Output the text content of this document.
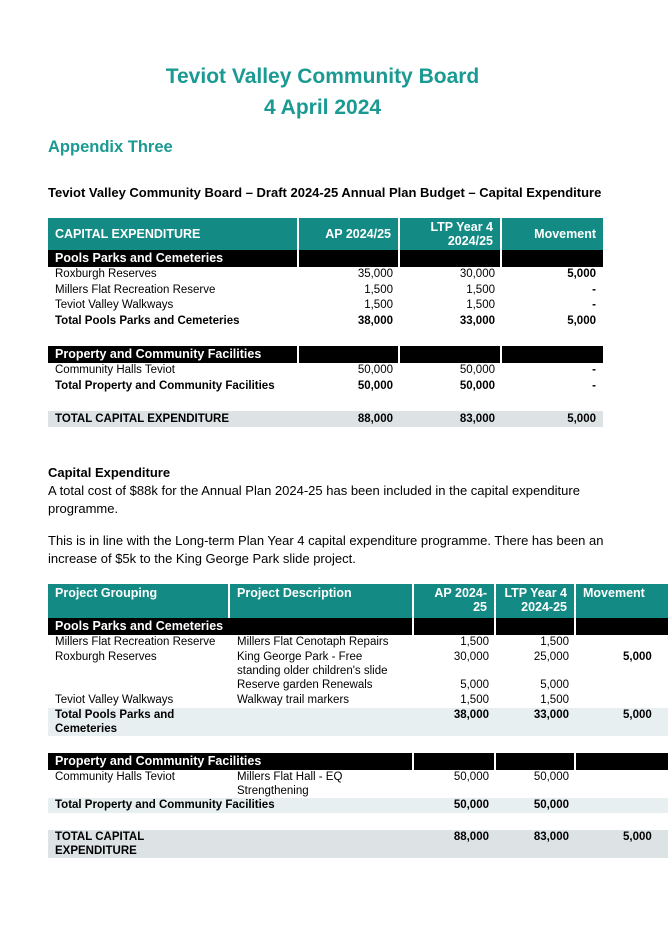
Teviot Valley Community Board
4 April 2024
Appendix Three
Teviot Valley Community Board – Draft 2024-25 Annual Plan Budget – Capital Expenditure
CAPITAL EXPENDITURE	AP 2024/25	LTP Year 4 2024/25	Movement
Pools Parks and Cemeteries			
Roxburgh Reserves	35,000	30,000	5,000
Millers Flat Recreation Reserve	1,500	1,500	-
Teviot Valley Walkways	1,500	1,500	-
Total Pools Parks and Cemeteries	38,000	33,000	5,000

Property and Community Facilities			
Community Halls Teviot	50,000	50,000	-
Total Property and Community Facilities	50,000	50,000	-

TOTAL CAPITAL EXPENDITURE	88,000	83,000	5,000
Capital Expenditure
A total cost of $88k for the Annual Plan 2024-25 has been included in the capital expenditure programme.
This is in line with the Long-term Plan Year 4 capital expenditure programme. There has been an increase of $5k to the King George Park slide project.
Project Grouping	Project Description	AP 2024-25	LTP Year 4 2024-25	Movement
Pools Parks and Cemeteries				
Millers Flat Recreation Reserve	Millers Flat Cenotaph Repairs	1,500	1,500	
Roxburgh Reserves	King George Park - Free standing older children's slide	30,000	25,000	5,000
	Reserve garden Renewals	5,000	5,000	
Teviot Valley Walkways	Walkway trail markers	1,500	1,500	
Total Pools Parks and Cemeteries		38,000	33,000	5,000

Property and Community Facilities				
Community Halls Teviot	Millers Flat Hall - EQ Strengthening	50,000	50,000	
Total Property and Community Facilities		50,000	50,000	

TOTAL CAPITAL EXPENDITURE		88,000	83,000	5,000
